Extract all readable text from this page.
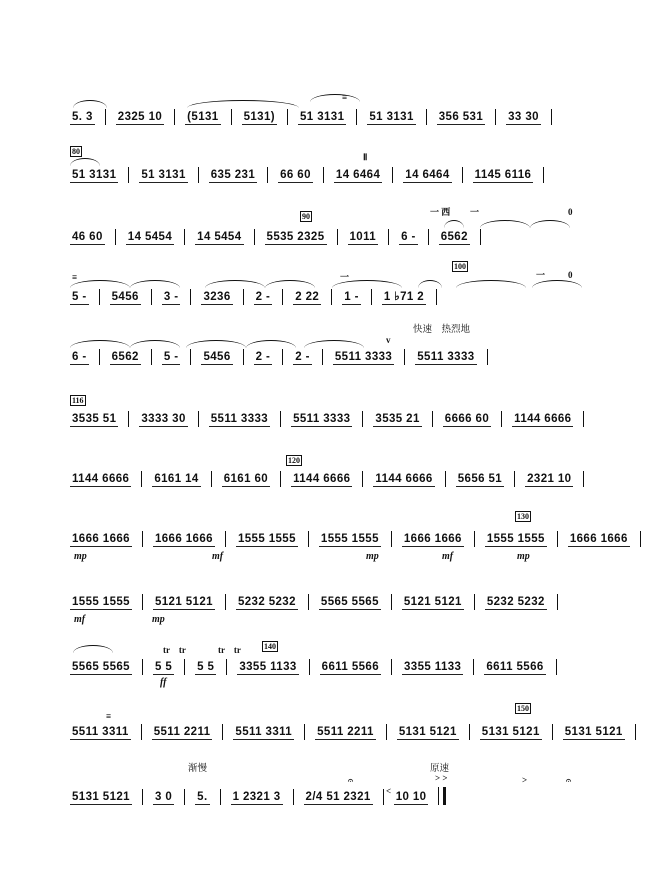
5. 3 2325 10 (5131 5131) 51 3131 51 3131 356 531 33 30
51 3131 51 3131 635 231 66 60 14 6464 14 6464 1145 6116
46 60 14 5454 14 5454 5535 2325 1011 6 - 6562
5 - 5456 3 - 3236 2 - 2 22 1 - 1 ♭71 2
6 - 6562 5 - 5456 2 - 2 - 5511 3333 5511 3333
3535 51 3333 30 5511 3333 5511 3333 3535 21 6666 60 1144 6666
1144 6666 6161 14 6161 60 1144 6666 1144 6666 5656 51 2321 10
1666 1666 1666 1666 1555 1555 1555 1555 1666 1666 1555 1555 1666 1666
1555 1555 5121 5121 5232 5232 5565 5565 5121 5121 5232 5232
5565 5565 5 5 5 5 3355 1133 6611 5566 3355 1133 6611 5566
5511 3311 5511 2211 5511 3311 5511 2211 5131 5121 5131 5121 5131 5121
5131 5121 3 0 5. 1 2321 3 2/4 51 2321 10 10
≡
80
Ⅱ
90	一 西 一	0
≡	一
100
一	0
v
快速　热烈地
116
120
130
mp	mf	mp	mf	mp
mf	mp
tr　tr	tr　tr
ff
140
≡
150
渐慢	原速
> >
<
𝄐	>	𝄐
